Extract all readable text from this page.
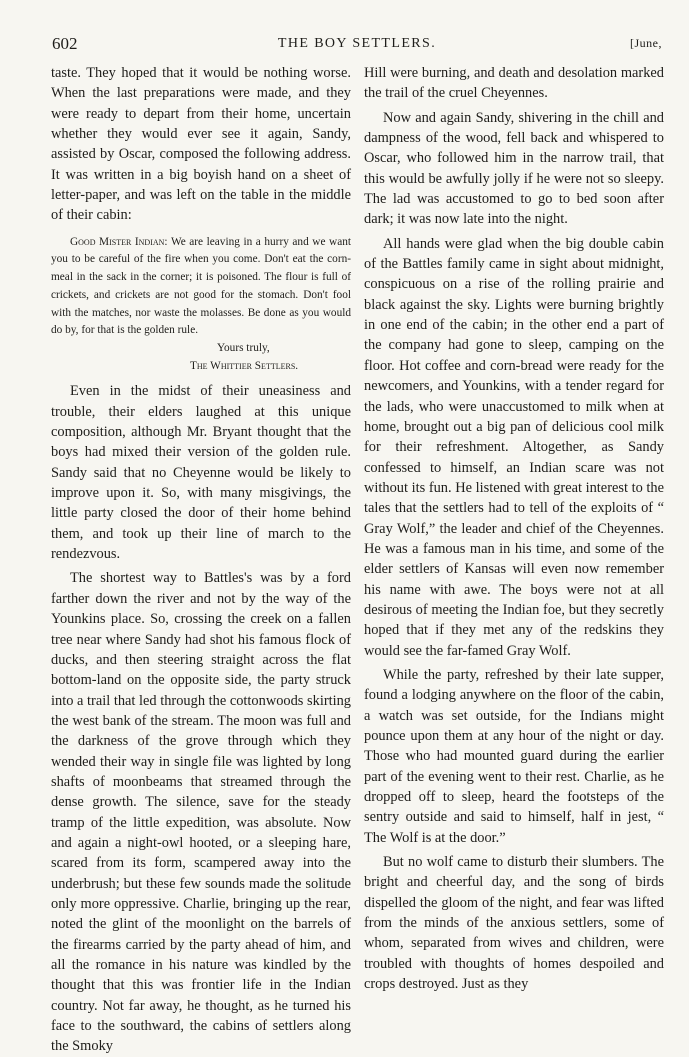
602	THE BOY SETTLERS.	[June,

taste. They hoped that it would be nothing worse. When the last preparations were made, and they were ready to depart from their home, uncertain whether they would ever see it again, Sandy, assisted by Oscar, composed the following address. It was written in a big boyish hand on a sheet of letter-paper, and was left on the table in the middle of their cabin:

Good Mister Indian: We are leaving in a hurry and we want you to be careful of the fire when you come. Don't eat the corn-meal in the sack in the corner; it is poisoned. The flour is full of crickets, and crickets are not good for the stomach. Don't fool with the matches, nor waste the molasses. Be done as you would do by, for that is the golden rule.

Yours truly,

The Whittier Settlers.

Even in the midst of their uneasiness and trouble, their elders laughed at this unique composition, although Mr. Bryant thought that the boys had mixed their version of the golden rule. Sandy said that no Cheyenne would be likely to improve upon it. So, with many misgivings, the little party closed the door of their home behind them, and took up their line of march to the rendezvous.

The shortest way to Battles's was by a ford farther down the river and not by the way of the Younkins place. So, crossing the creek on a fallen tree near where Sandy had shot his famous flock of ducks, and then steering straight across the flat bottom-land on the opposite side, the party struck into a trail that led through the cottonwoods skirting the west bank of the stream. The moon was full and the darkness of the grove through which they wended their way in single file was lighted by long shafts of moonbeams that streamed through the dense growth. The silence, save for the steady tramp of the little expedition, was absolute. Now and again a night-owl hooted, or a sleeping hare, scared from its form, scampered away into the underbrush; but these few sounds made the solitude only more oppressive. Charlie, bringing up the rear, noted the glint of the moonlight on the barrels of the firearms carried by the party ahead of him, and all the romance in his nature was kindled by the thought that this was frontier life in the Indian country. Not far away, he thought, as he turned his face to the southward, the cabins of settlers along the Smoky

Hill were burning, and death and desolation marked the trail of the cruel Cheyennes.

Now and again Sandy, shivering in the chill and dampness of the wood, fell back and whispered to Oscar, who followed him in the narrow trail, that this would be awfully jolly if he were not so sleepy. The lad was accustomed to go to bed soon after dark; it was now late into the night.

All hands were glad when the big double cabin of the Battles family came in sight about midnight, conspicuous on a rise of the rolling prairie and black against the sky. Lights were burning brightly in one end of the cabin; in the other end a part of the company had gone to sleep, camping on the floor. Hot coffee and corn-bread were ready for the newcomers, and Younkins, with a tender regard for the lads, who were unaccustomed to milk when at home, brought out a big pan of delicious cool milk for their refreshment. Altogether, as Sandy confessed to himself, an Indian scare was not without its fun. He listened with great interest to the tales that the settlers had to tell of the exploits of “ Gray Wolf,” the leader and chief of the Cheyennes. He was a famous man in his time, and some of the elder settlers of Kansas will even now remember his name with awe. The boys were not at all desirous of meeting the Indian foe, but they secretly hoped that if they met any of the redskins they would see the far-famed Gray Wolf.

While the party, refreshed by their late supper, found a lodging anywhere on the floor of the cabin, a watch was set outside, for the Indians might pounce upon them at any hour of the night or day. Those who had mounted guard during the earlier part of the evening went to their rest. Charlie, as he dropped off to sleep, heard the footsteps of the sentry outside and said to himself, half in jest, “ The Wolf is at the door.”

But no wolf came to disturb their slumbers. The bright and cheerful day, and the song of birds dispelled the gloom of the night, and fear was lifted from the minds of the anxious settlers, some of whom, separated from wives and children, were troubled with thoughts of homes despoiled and crops destroyed. Just as they
